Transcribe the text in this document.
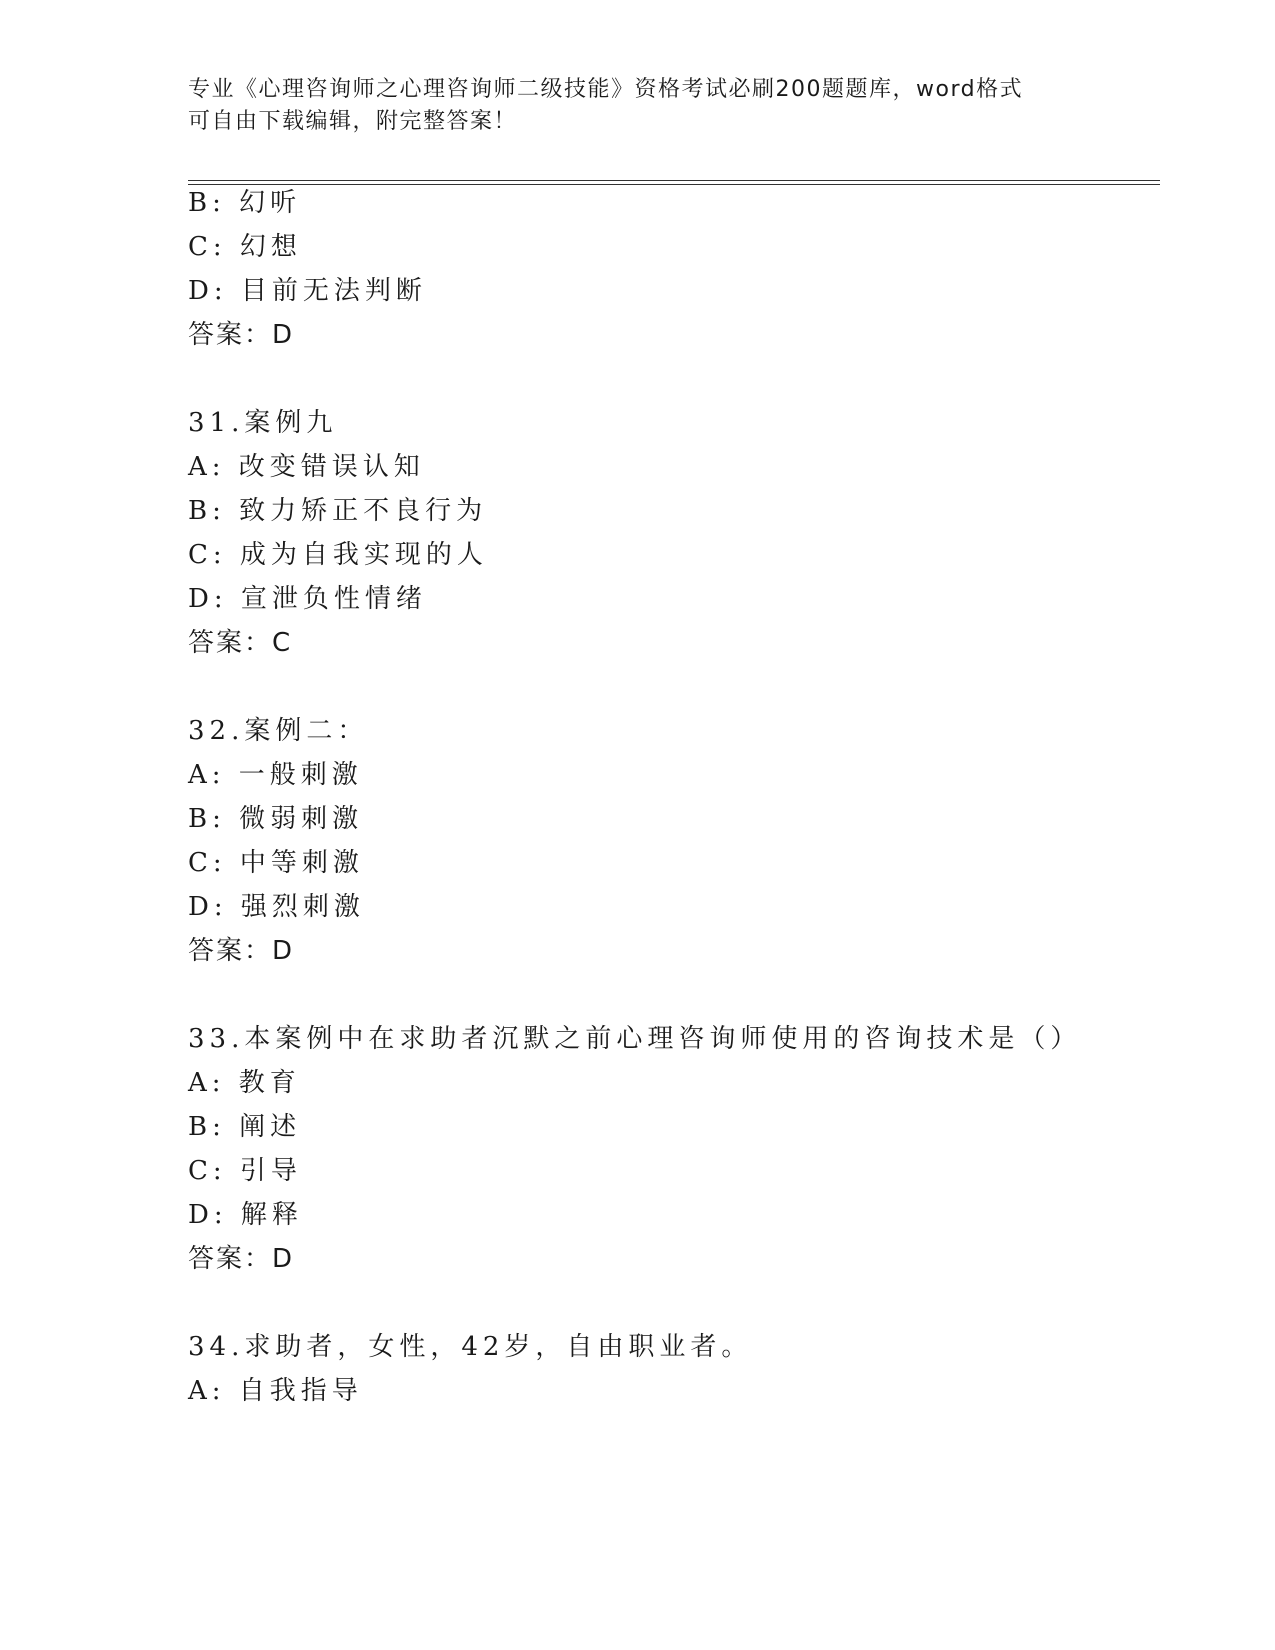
专业《心理咨询师之心理咨询师二级技能》资格考试必刷200题题库，word格式
可自由下载编辑，附完整答案！
B: 幻听
C: 幻想
D: 目前无法判断
答案：D
31.案例九
A: 改变错误认知
B: 致力矫正不良行为
C: 成为自我实现的人
D: 宣泄负性情绪
答案：C
32.案例二：
A: 一般刺激
B: 微弱刺激
C: 中等刺激
D: 强烈刺激
答案：D
33.本案例中在求助者沉默之前心理咨询师使用的咨询技术是（）
A: 教育
B: 阐述
C: 引导
D: 解释
答案：D
34.求助者，女性，42岁，自由职业者。
A: 自我指导
